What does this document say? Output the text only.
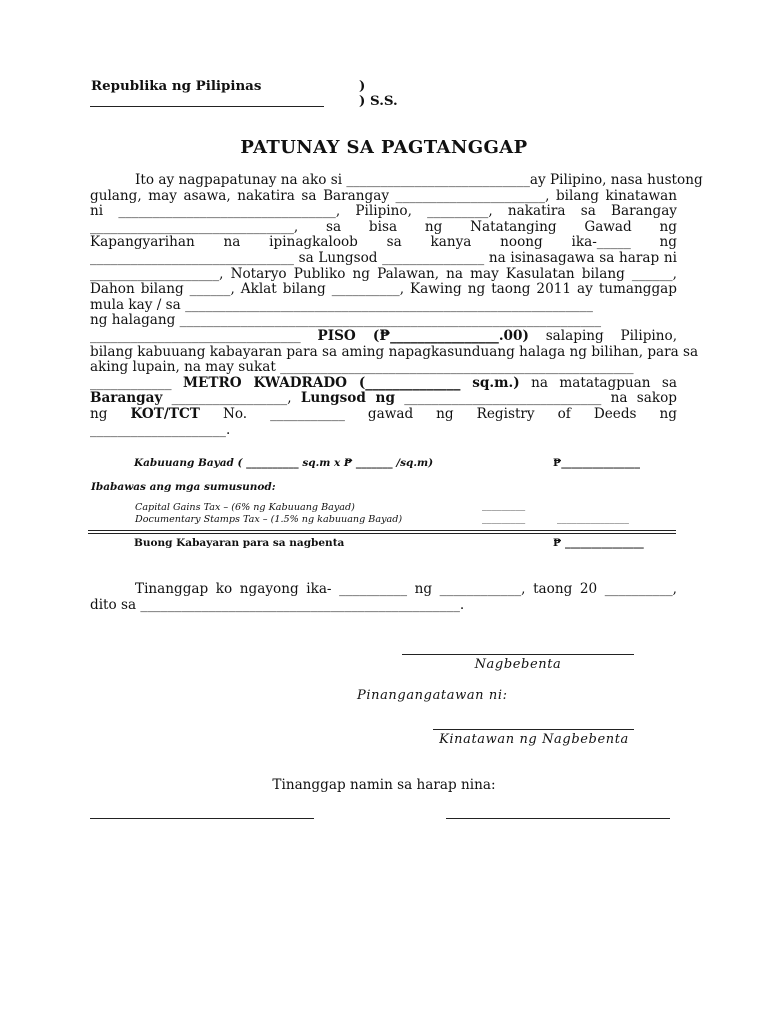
Republika ng Pilipinas	)
) S.S.
PATUNAY SA PAGTANGGAP
Ito ay nagpapatunay na ako si ___________________________ay Pilipino, nasa hustong
gulang, may asawa, nakatira sa Barangay ______________________, bilang kinatawan
ni ________________________________, Pilipino, _________, nakatira sa Barangay
______________________________, sa bisa ng Natatanging Gawad ng
Kapangyarihan na ipinagkaloob sa kanya noong ika-_____ ng
______________________________ sa Lungsod _______________ na isinasagawa sa harap ni
___________________, Notaryo Publiko ng Palawan, na may Kasulatan bilang ______,
Dahon bilang ______, Aklat bilang __________, Kawing ng taong 2011 ay tumanggap
mula kay / sa ____________________________________________________________
ng halagang ______________________________________________________________
_______________________________ PISO (₱________________.00) salaping Pilipino,
bilang kabuuang kabayaran para sa aming napagkasunduang halaga ng bilihan, para sa
aking lupain, na may sukat ____________________________________________________
____________ METRO KWADRADO (______________ sq.m.) na matatagpuan sa
Barangay _________________, Lungsod ng _____________________________ na sakop
ng KOT/TCT No. ___________ gawad ng Registry of Deeds ng
____________________.
Kabuuang Bayad ( __________ sq.m x ₱ _______ /sq.m)	₱_______________
Ibabawas ang mga sumusunod:
Capital Gains Tax – (6% ng Kabuuang Bayad)	_________
Documentary Stamps Tax – (1.5% ng kabuuang Bayad)	_________	_______________
Buong Kabayaran para sa nagbenta	₱ _______________
Tinanggap ko ngayong ika- __________ ng ____________, taong 20 __________,
dito sa _______________________________________________.
Nagbebenta
Pinangangatawan ni:
Kinatawan ng Nagbebenta
Tinanggap namin sa harap nina:
